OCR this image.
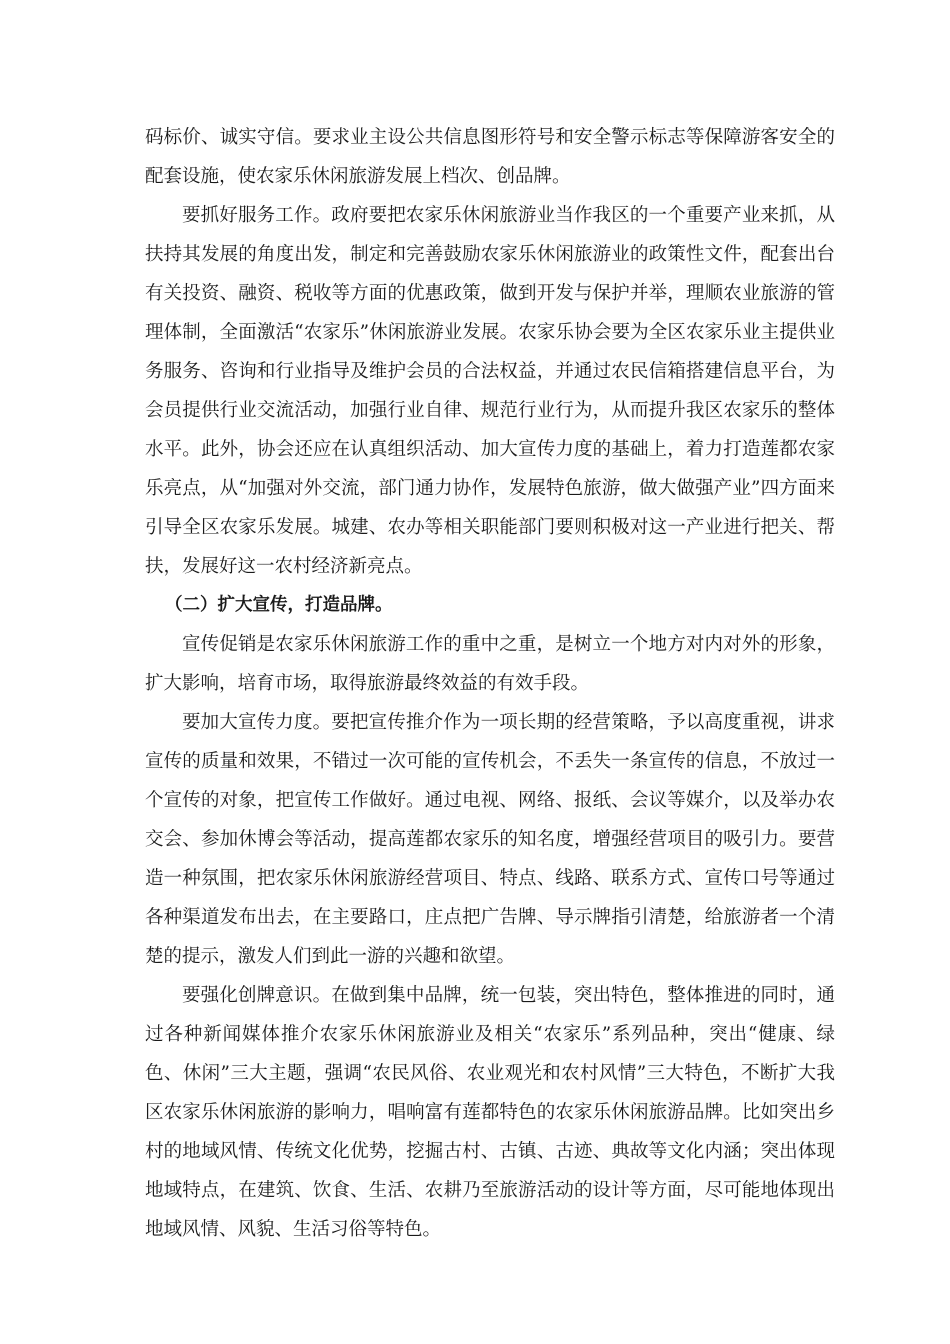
码标价、诚实守信。要求业主设公共信息图形符号和安全警示标志等保障游客安全的配套设施，使农家乐休闲旅游发展上档次、创品牌。

要抓好服务工作。政府要把农家乐休闲旅游业当作我区的一个重要产业来抓，从扶持其发展的角度出发，制定和完善鼓励农家乐休闲旅游业的政策性文件，配套出台有关投资、融资、税收等方面的优惠政策，做到开发与保护并举，理顺农业旅游的管理体制，全面激活“农家乐”休闲旅游业发展。农家乐协会要为全区农家乐业主提供业务服务、咨询和行业指导及维护会员的合法权益，并通过农民信箱搭建信息平台，为会员提供行业交流活动，加强行业自律、规范行业行为，从而提升我区农家乐的整体水平。此外，协会还应在认真组织活动、加大宣传力度的基础上，着力打造莲都农家乐亮点，从“加强对外交流，部门通力协作，发展特色旅游，做大做强产业”四方面来引导全区农家乐发展。城建、农办等相关职能部门要则积极对这一产业进行把关、帮扶，发展好这一农村经济新亮点。

（二）扩大宣传，打造品牌。

宣传促销是农家乐休闲旅游工作的重中之重，是树立一个地方对内对外的形象，扩大影响，培育市场，取得旅游最终效益的有效手段。

要加大宣传力度。要把宣传推介作为一项长期的经营策略，予以高度重视，讲求宣传的质量和效果，不错过一次可能的宣传机会，不丢失一条宣传的信息，不放过一个宣传的对象，把宣传工作做好。通过电视、网络、报纸、会议等媒介，以及举办农交会、参加休博会等活动，提高莲都农家乐的知名度，增强经营项目的吸引力。要营造一种氛围，把农家乐休闲旅游经营项目、特点、线路、联系方式、宣传口号等通过各种渠道发布出去，在主要路口，庄点把广告牌、导示牌指引清楚，给旅游者一个清楚的提示，激发人们到此一游的兴趣和欲望。

要强化创牌意识。在做到集中品牌，统一包装，突出特色，整体推进的同时，通过各种新闻媒体推介农家乐休闲旅游业及相关“农家乐”系列品种，突出“健康、绿色、休闲”三大主题，强调“农民风俗、农业观光和农村风情”三大特色，不断扩大我区农家乐休闲旅游的影响力，唱响富有莲都特色的农家乐休闲旅游品牌。比如突出乡村的地域风情、传统文化优势，挖掘古村、古镇、古迹、典故等文化内涵；突出体现地域特点，在建筑、饮食、生活、农耕乃至旅游活动的设计等方面，尽可能地体现出地域风情、风貌、生活习俗等特色。
